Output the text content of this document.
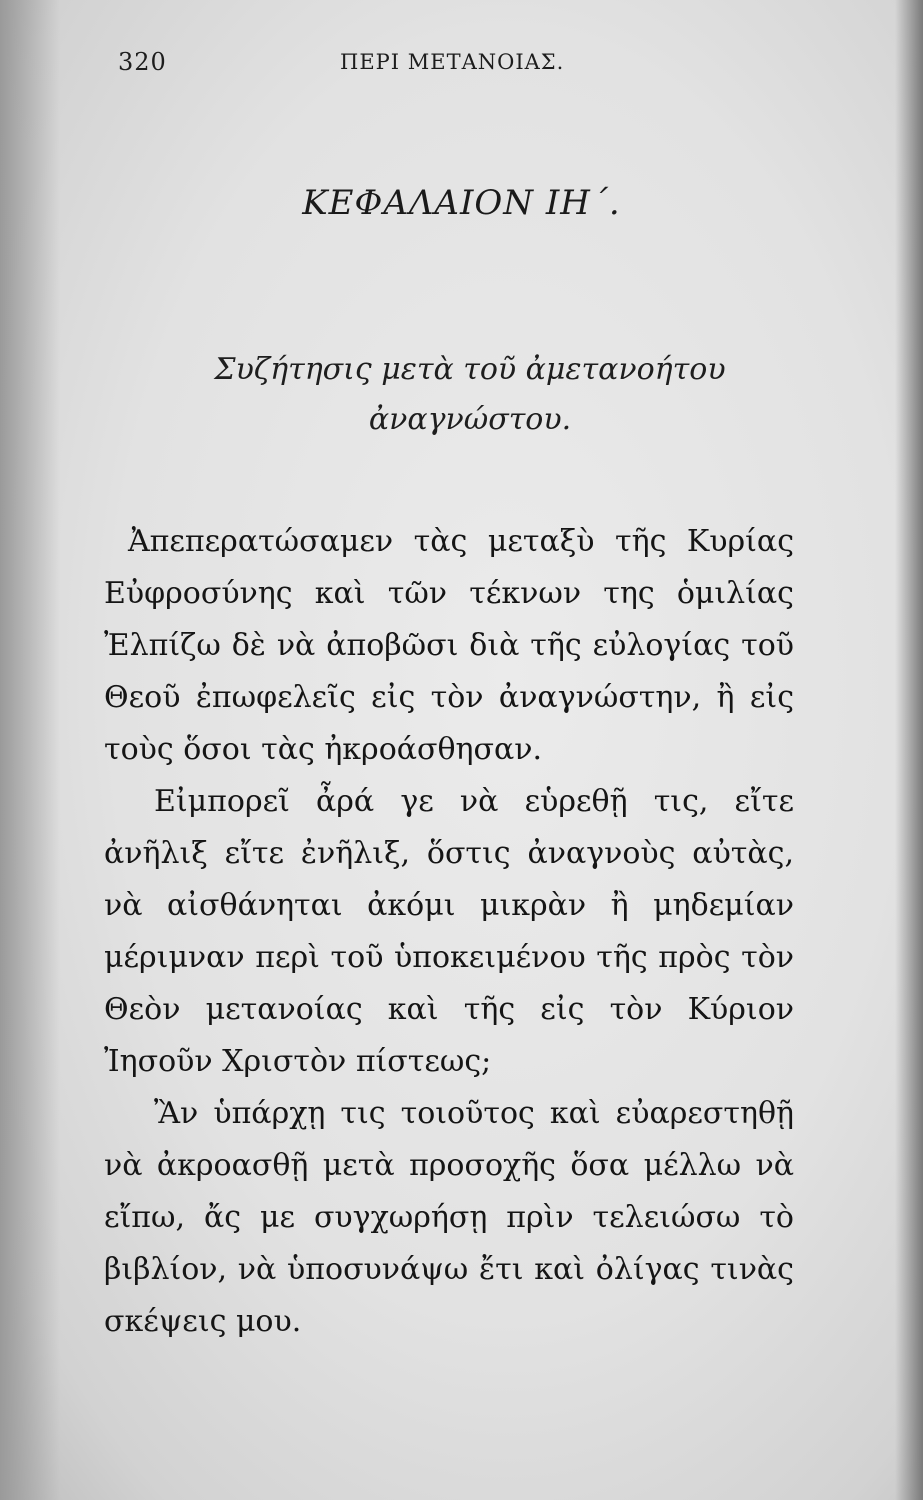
320	ΠΕΡΙ ΜΕΤΑΝΟΙΑΣ.
ΚΕΦΑΛΑΙΟΝ ΙΗ΄.
Συζήτησις μετὰ τοῦ ἀμετανοήτου ἀναγνώστου.

Ἀπεπερατώσαμεν τὰς μεταξὺ τῆς Κυρίας Εὐφροσύνης καὶ τῶν τέκνων της ὁμιλίας Ἐλπίζω δὲ νὰ ἀποβῶσι διὰ τῆς εὐλογίας τοῦ Θεοῦ ἐπωφελεῖς εἰς τὸν ἀναγνώστην, ἢ εἰς τοὺς ὅσοι τὰς ἠκροάσθησαν.

Εἰμπορεῖ ἆρά γε νὰ εὑρεθῇ τις, εἴτε ἀνῆλιξ εἴτε ἐνῆλιξ, ὅστις ἀναγνοὺς αὐτὰς, νὰ αἰσθάνηται ἀκόμι μικρὰν ἢ μηδεμίαν μέριμναν περὶ τοῦ ὑποκειμένου τῆς πρὸς τὸν Θεὸν μετανοίας καὶ τῆς εἰς τὸν Κύριον Ἰησοῦν Χριστὸν πίστεως;

Ἂν ὑπάρχῃ τις τοιοῦτος καὶ εὐαρεστηθῇ νὰ ἀκροασθῇ μετὰ προσοχῆς ὅσα μέλλω νὰ εἴπω, ἄς με συγχωρήσῃ πρὶν τελειώσω τὸ βιβλίον, νὰ ὑποσυνάψω ἔτι καὶ ὀλίγας τινὰς σκέψεις μου.
